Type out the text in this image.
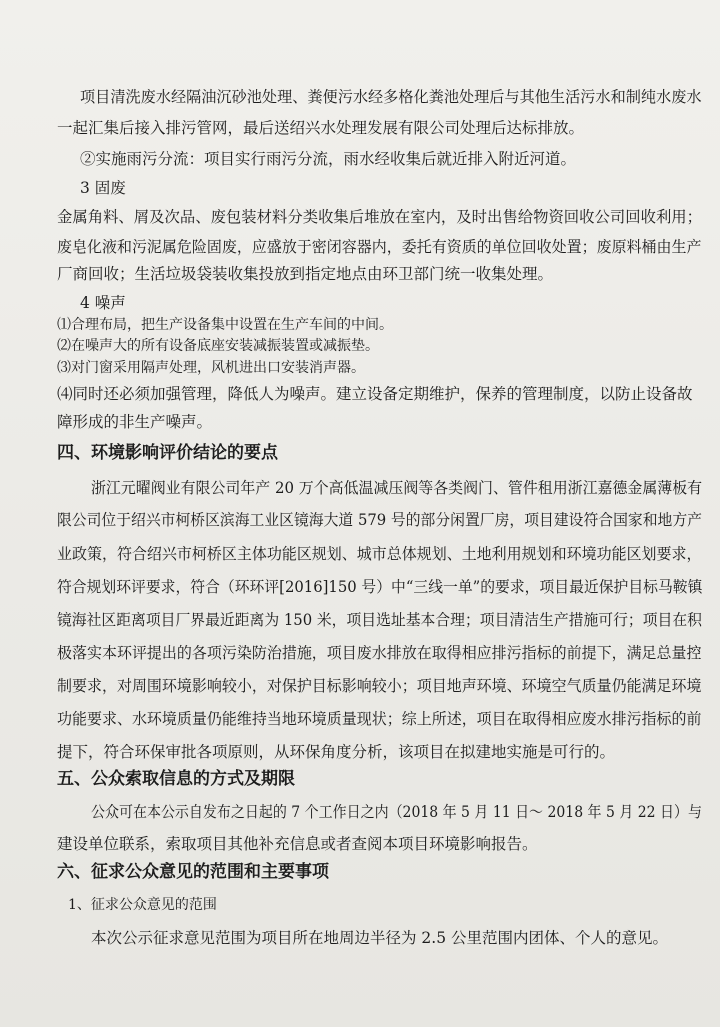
项目清洗废水经隔油沉砂池处理、粪便污水经多格化粪池处理后与其他生活污水和制纯水废水

一起汇集后接入排污管网，最后送绍兴水处理发展有限公司处理后达标排放。

②实施雨污分流：项目实行雨污分流，雨水经收集后就近排入附近河道。

3 固废

金属角料、屑及次品、废包装材料分类收集后堆放在室内，及时出售给物资回收公司回收利用；

废皂化液和污泥属危险固废，应盛放于密闭容器内，委托有资质的单位回收处置；废原料桶由生产

厂商回收；生活垃圾袋装收集投放到指定地点由环卫部门统一收集处理。

4 噪声

⑴合理布局，把生产设备集中设置在生产车间的中间。

⑵在噪声大的所有设备底座安装减振装置或减振垫。

⑶对门窗采用隔声处理，风机进出口安装消声器。

⑷同时还必须加强管理，降低人为噪声。建立设备定期维护，保养的管理制度，以防止设备故

障形成的非生产噪声。

四、环境影响评价结论的要点

浙江元曜阀业有限公司年产 20 万个高低温减压阀等各类阀门、管件租用浙江嘉德金属薄板有

限公司位于绍兴市柯桥区滨海工业区镜海大道 579 号的部分闲置厂房，项目建设符合国家和地方产

业政策，符合绍兴市柯桥区主体功能区规划、城市总体规划、土地利用规划和环境功能区划要求，

符合规划环评要求，符合（环环评[2016]150 号）中“三线一单”的要求，项目最近保护目标马鞍镇

镜海社区距离项目厂界最近距离为 150 米，项目选址基本合理；项目清洁生产措施可行；项目在积

极落实本环评提出的各项污染防治措施，项目废水排放在取得相应排污指标的前提下，满足总量控

制要求，对周围环境影响较小，对保护目标影响较小；项目地声环境、环境空气质量仍能满足环境

功能要求、水环境质量仍能维持当地环境质量现状；综上所述，项目在取得相应废水排污指标的前

提下，符合环保审批各项原则，从环保角度分析，该项目在拟建地实施是可行的。

五、公众索取信息的方式及期限

公众可在本公示自发布之日起的 7 个工作日之内（2018 年 5 月 11 日～ 2018 年 5 月 22 日）与

建设单位联系，索取项目其他补充信息或者查阅本项目环境影响报告。

六、征求公众意见的范围和主要事项

1、征求公众意见的范围

本次公示征求意见范围为项目所在地周边半径为 2.5 公里范围内团体、个人的意见。
